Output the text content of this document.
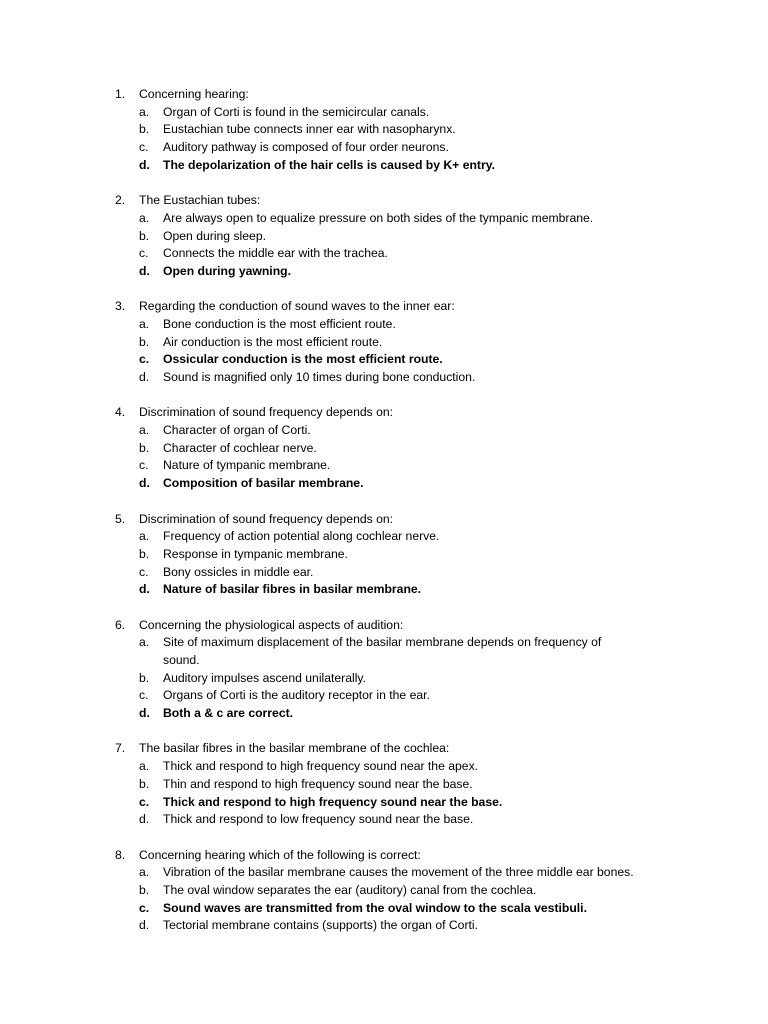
1. Concerning hearing:
a. Organ of Corti is found in the semicircular canals.
b. Eustachian tube connects inner ear with nasopharynx.
c. Auditory pathway is composed of four order neurons.
d. The depolarization of the hair cells is caused by K+ entry.
2. The Eustachian tubes:
a. Are always open to equalize pressure on both sides of the tympanic membrane.
b. Open during sleep.
c. Connects the middle ear with the trachea.
d. Open during yawning.
3. Regarding the conduction of sound waves to the inner ear:
a. Bone conduction is the most efficient route.
b. Air conduction is the most efficient route.
c. Ossicular conduction is the most efficient route.
d. Sound is magnified only 10 times during bone conduction.
4. Discrimination of sound frequency depends on:
a. Character of organ of Corti.
b. Character of cochlear nerve.
c. Nature of tympanic membrane.
d. Composition of basilar membrane.
5. Discrimination of sound frequency depends on:
a. Frequency of action potential along cochlear nerve.
b. Response in tympanic membrane.
c. Bony ossicles in middle ear.
d. Nature of basilar fibres in basilar membrane.
6. Concerning the physiological aspects of audition:
a. Site of maximum displacement of the basilar membrane depends on frequency of sound.
b. Auditory impulses ascend unilaterally.
c. Organs of Corti is the auditory receptor in the ear.
d. Both a & c are correct.
7. The basilar fibres in the basilar membrane of the cochlea:
a. Thick and respond to high frequency sound near the apex.
b. Thin and respond to high frequency sound near the base.
c. Thick and respond to high frequency sound near the base.
d. Thick and respond to low frequency sound near the base.
8. Concerning hearing which of the following is correct:
a. Vibration of the basilar membrane causes the movement of the three middle ear bones.
b. The oval window separates the ear (auditory) canal from the cochlea.
c. Sound waves are transmitted from the oval window to the scala vestibuli.
d. Tectorial membrane contains (supports) the organ of Corti.
